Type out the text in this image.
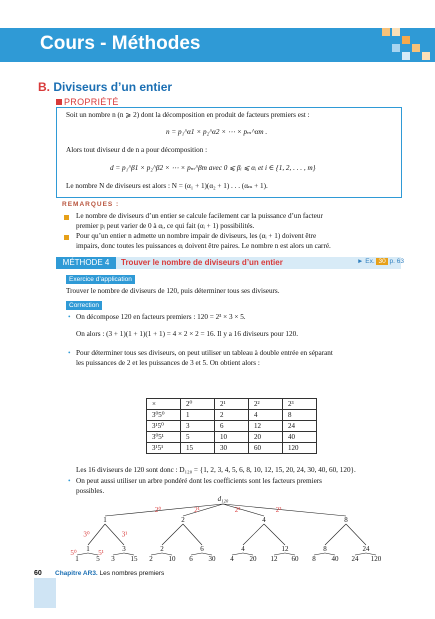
Cours - Méthodes
B. Diviseurs d’un entier
PROPRIÉTÉ
Soit un nombre n (n ⩾ 2) dont la décomposition en produit de facteurs premiers est :
n = p₁^α1 × p₂^α2 × ⋯ × pₘ^αm .
Alors tout diviseur d de n a pour décomposition :
d = p₁^β1 × p₂^β2 × ⋯ × pₘ^βm avec 0 ⩽ βᵢ ⩽ αᵢ et i ∈ {1, 2, . . . , m}
Le nombre N de diviseurs est alors : N = (α₁ + 1)(α₂ + 1) . . . (αₘ + 1).
REMARQUES :
Le nombre de diviseurs d’un entier se calcule facilement car la puissance d’un facteur
premier pᵢ peut varier de 0 à αᵢ, ce qui fait (αᵢ + 1) possibilités.
Pour qu’un entier n admette un nombre impair de diviseurs, les (αᵢ + 1) doivent être
impairs, donc toutes les puissances αᵢ doivent être paires. Le nombre n est alors un carré.
MÉTHODE 4	Trouver le nombre de diviseurs d’un entier	► Ex. 30 p. 63
Exercice d’application
Trouver le nombre de diviseurs de 120, puis déterminer tous ses diviseurs.
Correction
• On décompose 120 en facteurs premiers : 120 = 2³ × 3 × 5.
On alors : (3 + 1)(1 + 1)(1 + 1) = 4 × 2 × 2 = 16. Il y a 16 diviseurs pour 120.
• Pour déterminer tous ses diviseurs, on peut utiliser un tableau à double entrée en séparant
les puissances de 2 et les puissances de 3 et 5. On obtient alors :
×	2⁰	2¹	2²	2³
3⁰5⁰	1	2	4	8
3¹5⁰	3	6	12	24
3⁰5¹	5	10	20	40
3¹5¹	15	30	60	120
Les 16 diviseurs de 120 sont donc : D₁₂₀ = {1, 2, 3, 4, 5, 6, 8, 10, 12, 15, 20, 24, 30, 40, 60, 120}.
• On peut aussi utiliser un arbre pondéré dont les coefficients sont les facteurs premiers
possibles.
d₁₂₀
1
2⁰
2
2¹
4
2²
8
2³
1
3⁰
3
3¹
2	6	4	12	8	24
1
5⁰
5
5¹
3 15 2 10 6 30 4 20 12 60 8 40 24 120
60 Chapitre AR3. Les nombres premiers
